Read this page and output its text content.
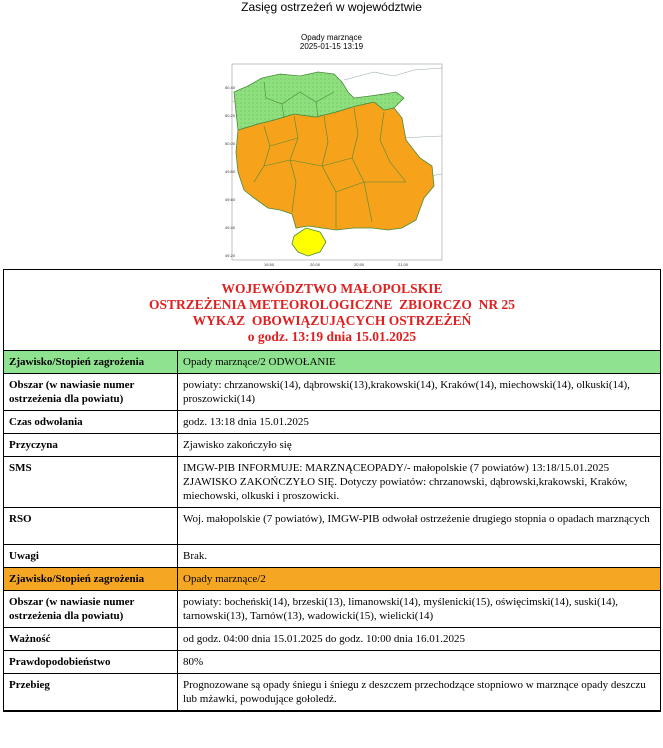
Zasięg ostrzeżeń w województwie
Opady marznące
2025-01-15 13:19
50.40
50.20
50.00
49.80
49.60
49.40
49.20
19.50	20.00	20.50	21.00
WOJEWÓDZTWO MAŁOPOLSKIE
OSTRZEŻENIA METEOROLOGICZNE  ZBIORCZO  NR 25
WYKAZ  OBOWIĄZUJĄCYCH OSTRZEŻEŃ
o godz. 13:19 dnia 15.01.2025
Zjawisko/Stopień zagrożenia	Opady marznące/2 ODWOŁANIE
Obszar (w nawiasie numer ostrzeżenia dla powiatu)	powiaty: chrzanowski(14), dąbrowski(13),krakowski(14), Kraków(14), miechowski(14), olkuski(14), proszowicki(14)
Czas odwołania	godz. 13:18 dnia 15.01.2025
Przyczyna	Zjawisko zakończyło się
SMS	IMGW-PIB INFORMUJE: MARZNĄCEOPADY/- małopolskie (7 powiatów) 13:18/15.01.2025 ZJAWISKO ZAKOŃCZYŁO SIĘ. Dotyczy powiatów: chrzanowski, dąbrowski,krakowski, Kraków, miechowski, olkuski i proszowicki.
RSO	Woj. małopolskie (7 powiatów), IMGW-PIB odwołał ostrzeżenie drugiego stopnia o opadach marznących
Uwagi	Brak.
Zjawisko/Stopień zagrożenia	Opady marznące/2
Obszar (w nawiasie numer ostrzeżenia dla powiatu)	powiaty: bocheński(14), brzeski(13), limanowski(14), myślenicki(15), oświęcimski(14), suski(14), tarnowski(13), Tarnów(13), wadowicki(15), wielicki(14)
Ważność	od godz. 04:00 dnia 15.01.2025 do godz. 10:00 dnia 16.01.2025
Prawdopodobieństwo	80%
Przebieg	Prognozowane są opady śniegu i śniegu z deszczem przechodzące stopniowo w marznące opady deszczu lub mżawki, powodujące gołoledź.
